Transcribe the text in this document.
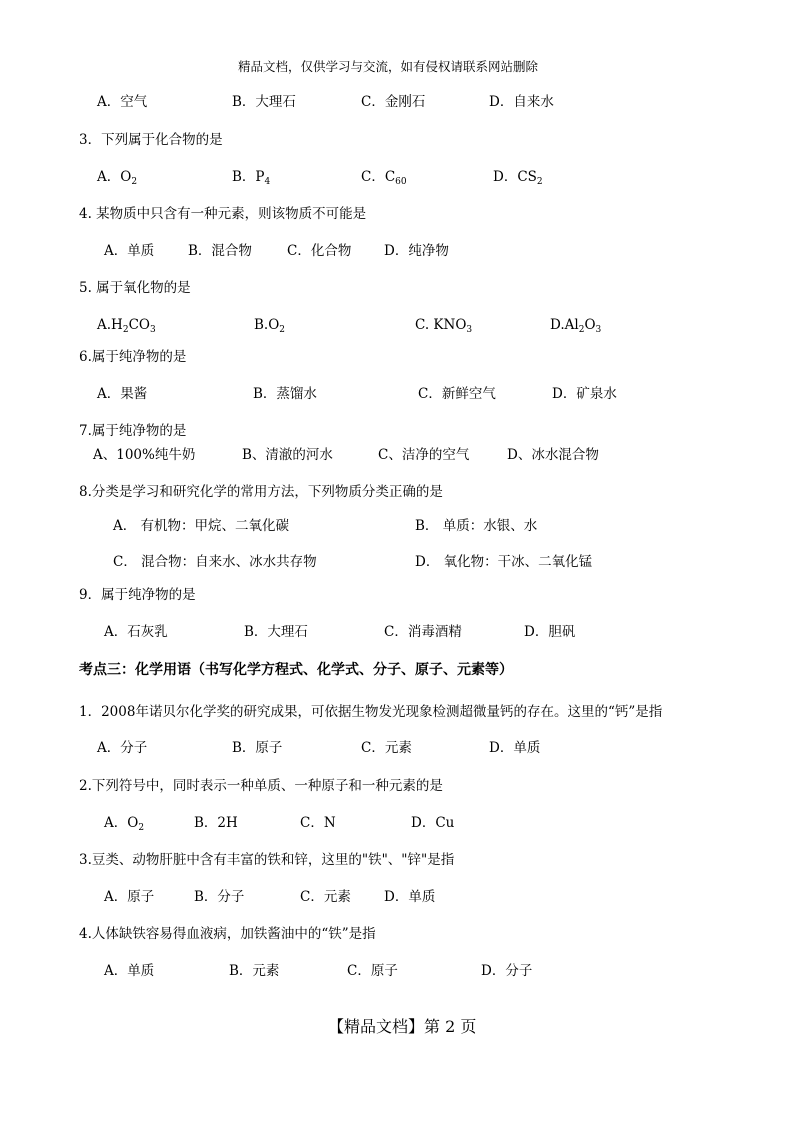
精品文档，仅供学习与交流，如有侵权请联系网站删除
A．空气	B．大理石	C．金刚石	D．自来水
3．下列属于化合物的是
A．$O_2$	B．$P_4$	C．$C_{60}$	D．$CS_2$
4. 某物质中只含有一种元素，则该物质不可能是
A．单质	B．混合物	C．化合物 D．纯净物
5. 属于氧化物的是
$A.H_2CO_3$	$B.O_2$	C. $KNO_3$	$D.Al_2O_3$
6.属于纯净物的是
A．果酱	B．蒸馏水	C．新鲜空气	D．矿泉水
7.属于纯净物的是
A、100%纯牛奶	B、清澈的河水	C、洁净的空气	D、冰水混合物
8.分类是学习和研究化学的常用方法，下列物质分类正确的是
A． 有机物：甲烷、二氧化碳	B． 单质：水银、水
C． 混合物：自来水、冰水共存物	D． 氧化物：干冰、二氧化锰
9．属于纯净物的是
A．石灰乳	B．大理石	C．消毒酒精	D．胆矾
考点三：化学用语（书写化学方程式、化学式、分子、原子、元素等）
1．2008年诺贝尔化学奖的研究成果，可依据生物发光现象检测超微量钙的存在。这里的“钙”是指
A．分子	B．原子	C．元素	D．单质
2.下列符号中，同时表示一种单质、一种原子和一种元素的是
A．$O_2$	B．2H	C．N	D．Cu
3.豆类、动物肝脏中含有丰富的铁和锌，这里的"铁"、"锌"是指
A．原子	B．分子	C．元素 D．单质
4.人体缺铁容易得血液病，加铁酱油中的“铁”是指
A．单质	B．元素	C．原子	D．分子
【精品文档】第 2 页
